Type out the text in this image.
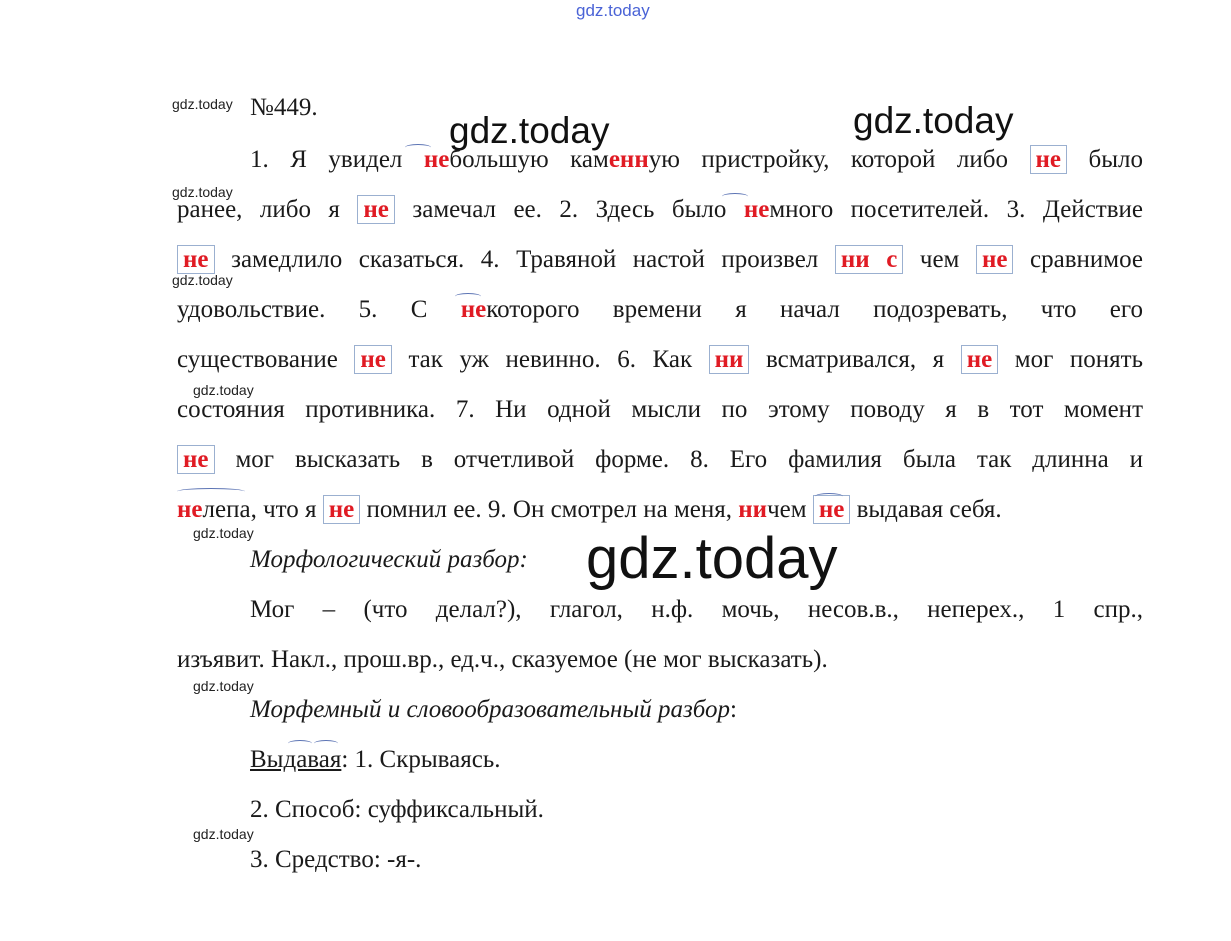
gdz.today
gdz.today	gdz.today
gdz.today
gdz.today
gdz.today
gdz.today
gdz.today
gdz.today
gdz.today
gdz.today
№449.
1. Я увидел небольшую каменную пристройку, которой либо не было
ранее, либо я не замечал ее. 2. Здесь было немного посетителей. 3. Действие
не замедлило сказаться. 4. Травяной настой произвел ни с чем не сравнимое
удовольствие. 5. С некоторого времени я начал подозревать, что его
существование не так уж невинно. 6. Как ни всматривался, я не мог понять
состояния противника. 7. Ни одной мысли по этому поводу я в тот момент
не мог высказать в отчетливой форме. 8. Его фамилия была так длинна и
нелепа, что я не помнил ее. 9. Он смотрел на меня, ничем не выдавая себя.
Морфологический разбор:
Мог – (что делал?), глагол, н.ф. мочь, несов.в., неперех., 1 спр.,
изъявит. Накл., прош.вр., ед.ч., сказуемое (не мог высказать).
Морфемный и словообразовательный разбор:
Выдавая: 1. Скрываясь.
2. Способ: суффиксальный.
3. Средство: -я-.
